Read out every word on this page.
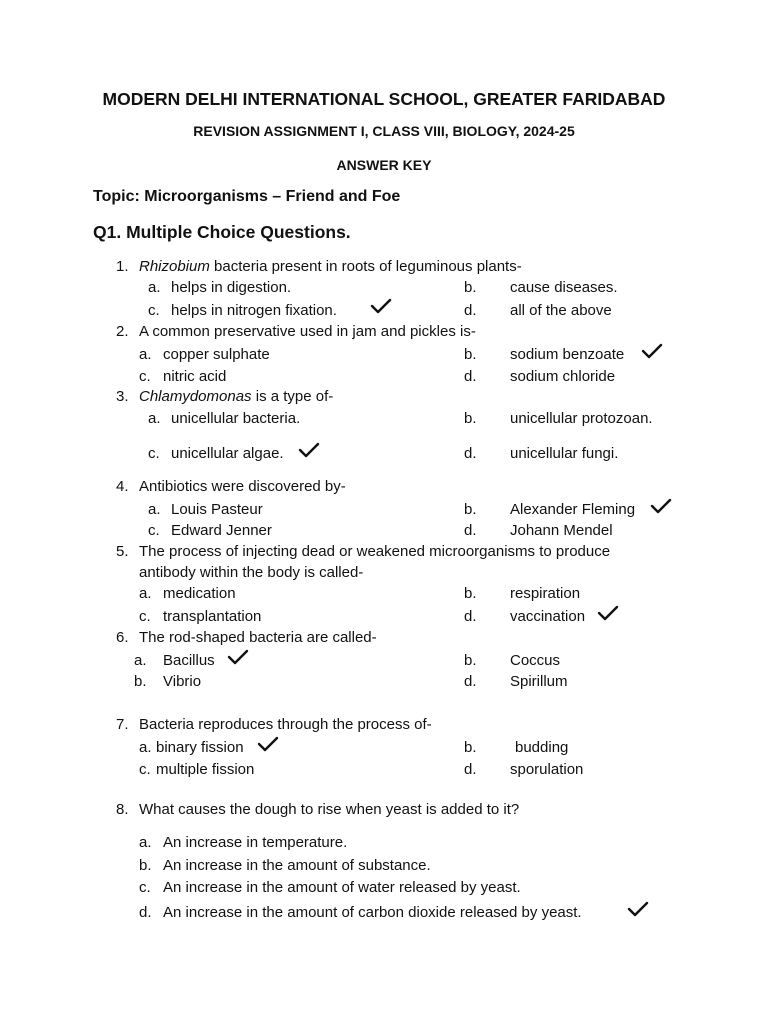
MODERN DELHI INTERNATIONAL SCHOOL, GREATER FARIDABAD
REVISION ASSIGNMENT I, CLASS VIII, BIOLOGY, 2024-25
ANSWER KEY
Topic: Microorganisms – Friend and Foe
Q1. Multiple Choice Questions.
1. Rhizobium bacteria present in roots of leguminous plants-
a. helps in digestion.	b. cause diseases.
c. helps in nitrogen fixation.	d. all of the above
2. A common preservative used in jam and pickles is-
a. copper sulphate	b. sodium benzoate
c. nitric acid	d. sodium chloride
3. Chlamydomonas is a type of-
a. unicellular bacteria.	b. unicellular protozoan.
c. unicellular algae.	d. unicellular fungi.
4. Antibiotics were discovered by-
a. Louis Pasteur	b. Alexander Fleming
c. Edward Jenner	d. Johann Mendel
5. The process of injecting dead or weakened microorganisms to produce
antibody within the body is called-
a. medication	b. respiration
c. transplantation	d. vaccination
6. The rod-shaped bacteria are called-
a. Bacillus	b. Coccus
b. Vibrio	d. Spirillum
7. Bacteria reproduces through the process of-
a. binary fission	b.	budding
c. multiple fission	d. sporulation
8. What causes the dough to rise when yeast is added to it?
a. An increase in temperature.
b. An increase in the amount of substance.
c. An increase in the amount of water released by yeast.
d. An increase in the amount of carbon dioxide released by yeast.
